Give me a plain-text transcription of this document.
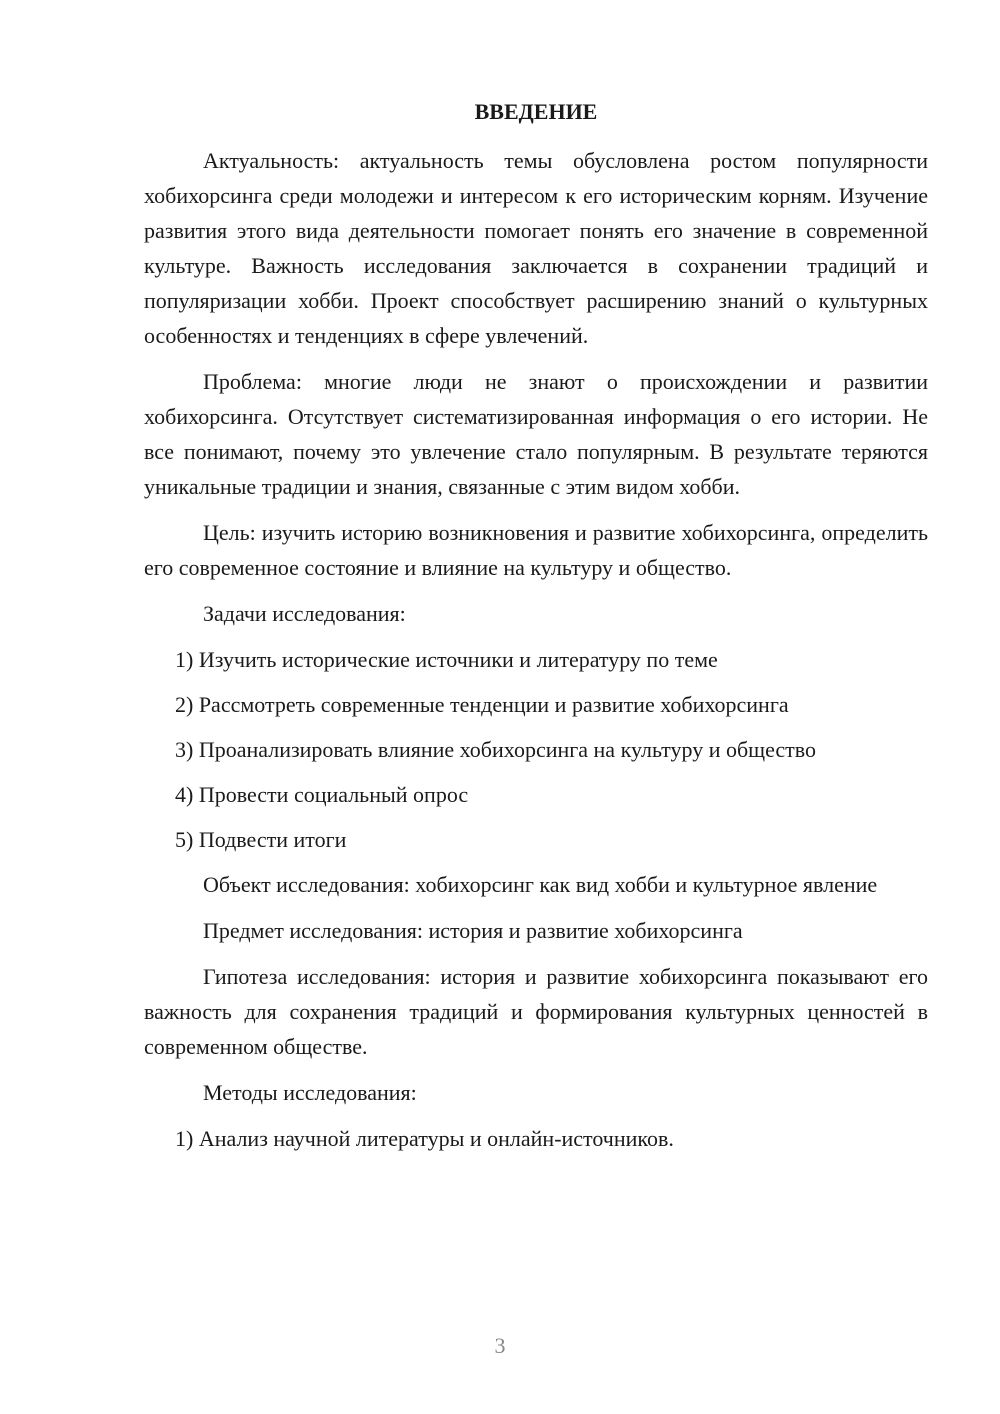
ВВЕДЕНИЕ

Актуальность: актуальность темы обусловлена ростом популярности хобихорсинга среди молодежи и интересом к его историческим корням. Изучение развития этого вида деятельности помогает понять его значение в современной культуре. Важность исследования заключается в сохранении традиций и популяризации хобби. Проект способствует расширению знаний о культурных особенностях и тенденциях в сфере увлечений.

Проблема: многие люди не знают о происхождении и развитии хобихорсинга. Отсутствует систематизированная информация о его истории. Не все понимают, почему это увлечение стало популярным. В результате теряются уникальные традиции и знания, связанные с этим видом хобби.

Цель: изучить историю возникновения и развитие хобихорсинга, определить его современное состояние и влияние на культуру и общество.

Задачи исследования:

1) Изучить исторические источники и литературу по теме
2) Рассмотреть современные тенденции и развитие хобихорсинга
3) Проанализировать влияние хобихорсинга на культуру и общество
4) Провести социальный опрос
5) Подвести итоги

Объект исследования: хобихорсинг как вид хобби и культурное явление

Предмет исследования: история и развитие хобихорсинга

Гипотеза исследования: история и развитие хобихорсинга показывают его важность для сохранения традиций и формирования культурных ценностей в современном обществе.

Методы исследования:

1) Анализ научной литературы и онлайн-источников.
3
